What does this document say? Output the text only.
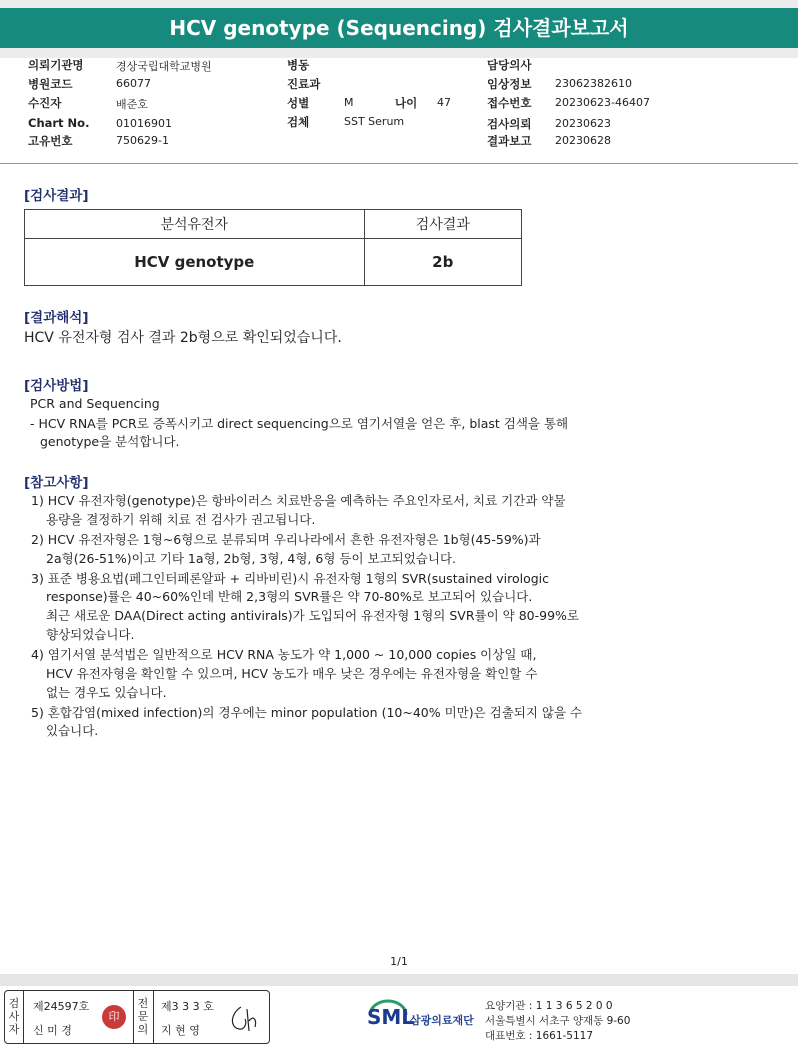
HCV genotype (Sequencing) 검사결과보고서
의뢰기관명	경상국립대학교병원
병원코드	66077
수진자	배준호
Chart No. 01016901
고유번호	750629-1
병동
진료과
성별	M	나이 47
검체	SST Serum
담당의사
임상정보 23062382610
접수번호 20230623-46407
검사의뢰 20230623
결과보고 20230628
[검사결과]
분석유전자	검사결과
HCV genotype	2b
[결과해석]
HCV 유전자형 검사 결과 2b형으로 확인되었습니다.
[검사방법]
PCR and Sequencing
- HCV RNA를 PCR로 증폭시키고 direct sequencing으로 염기서열을 얻은 후, blast 검색을 통해
genotype을 분석합니다.
[참고사항]
1) HCV 유전자형(genotype)은 항바이러스 치료반응을 예측하는 주요인자로서, 치료 기간과 약물
용량을 결정하기 위해 치료 전 검사가 권고됩니다.
2) HCV 유전자형은 1형~6형으로 분류되며 우리나라에서 흔한 유전자형은 1b형(45-59%)과
2a형(26-51%)이고 기타 1a형, 2b형, 3형, 4형, 6형 등이 보고되었습니다.
3) 표준 병용요법(페그인터페론알파 + 리바비린)시 유전자형 1형의 SVR(sustained virologic
response)률은 40~60%인데 반해 2,3형의 SVR률은 약 70-80%로 보고되어 있습니다.
최근 새로운 DAA(Direct acting antivirals)가 도입되어 유전자형 1형의 SVR률이 약 80-99%로
향상되었습니다.
4) 염기서열 분석법은 일반적으로 HCV RNA 농도가 약 1,000 ~ 10,000 copies 이상일 때,
HCV 유전자형을 확인할 수 있으며, HCV 농도가 매우 낮은 경우에는 유전자형을 확인할 수
없는 경우도 있습니다.
5) 혼합감염(mixed infection)의 경우에는 minor population (10~40% 미만)은 검출되지 않을 수
있습니다.
1/1
검
사
자
제24597호
신 미 경
印
전
문
의
제3 3 3 호
지 현 영
SML
삼광의료재단
요양기관 : 1 1 3 6 5 2 0 0
서울특별시 서초구 양재동 9-60
대표번호 : 1661-5117
